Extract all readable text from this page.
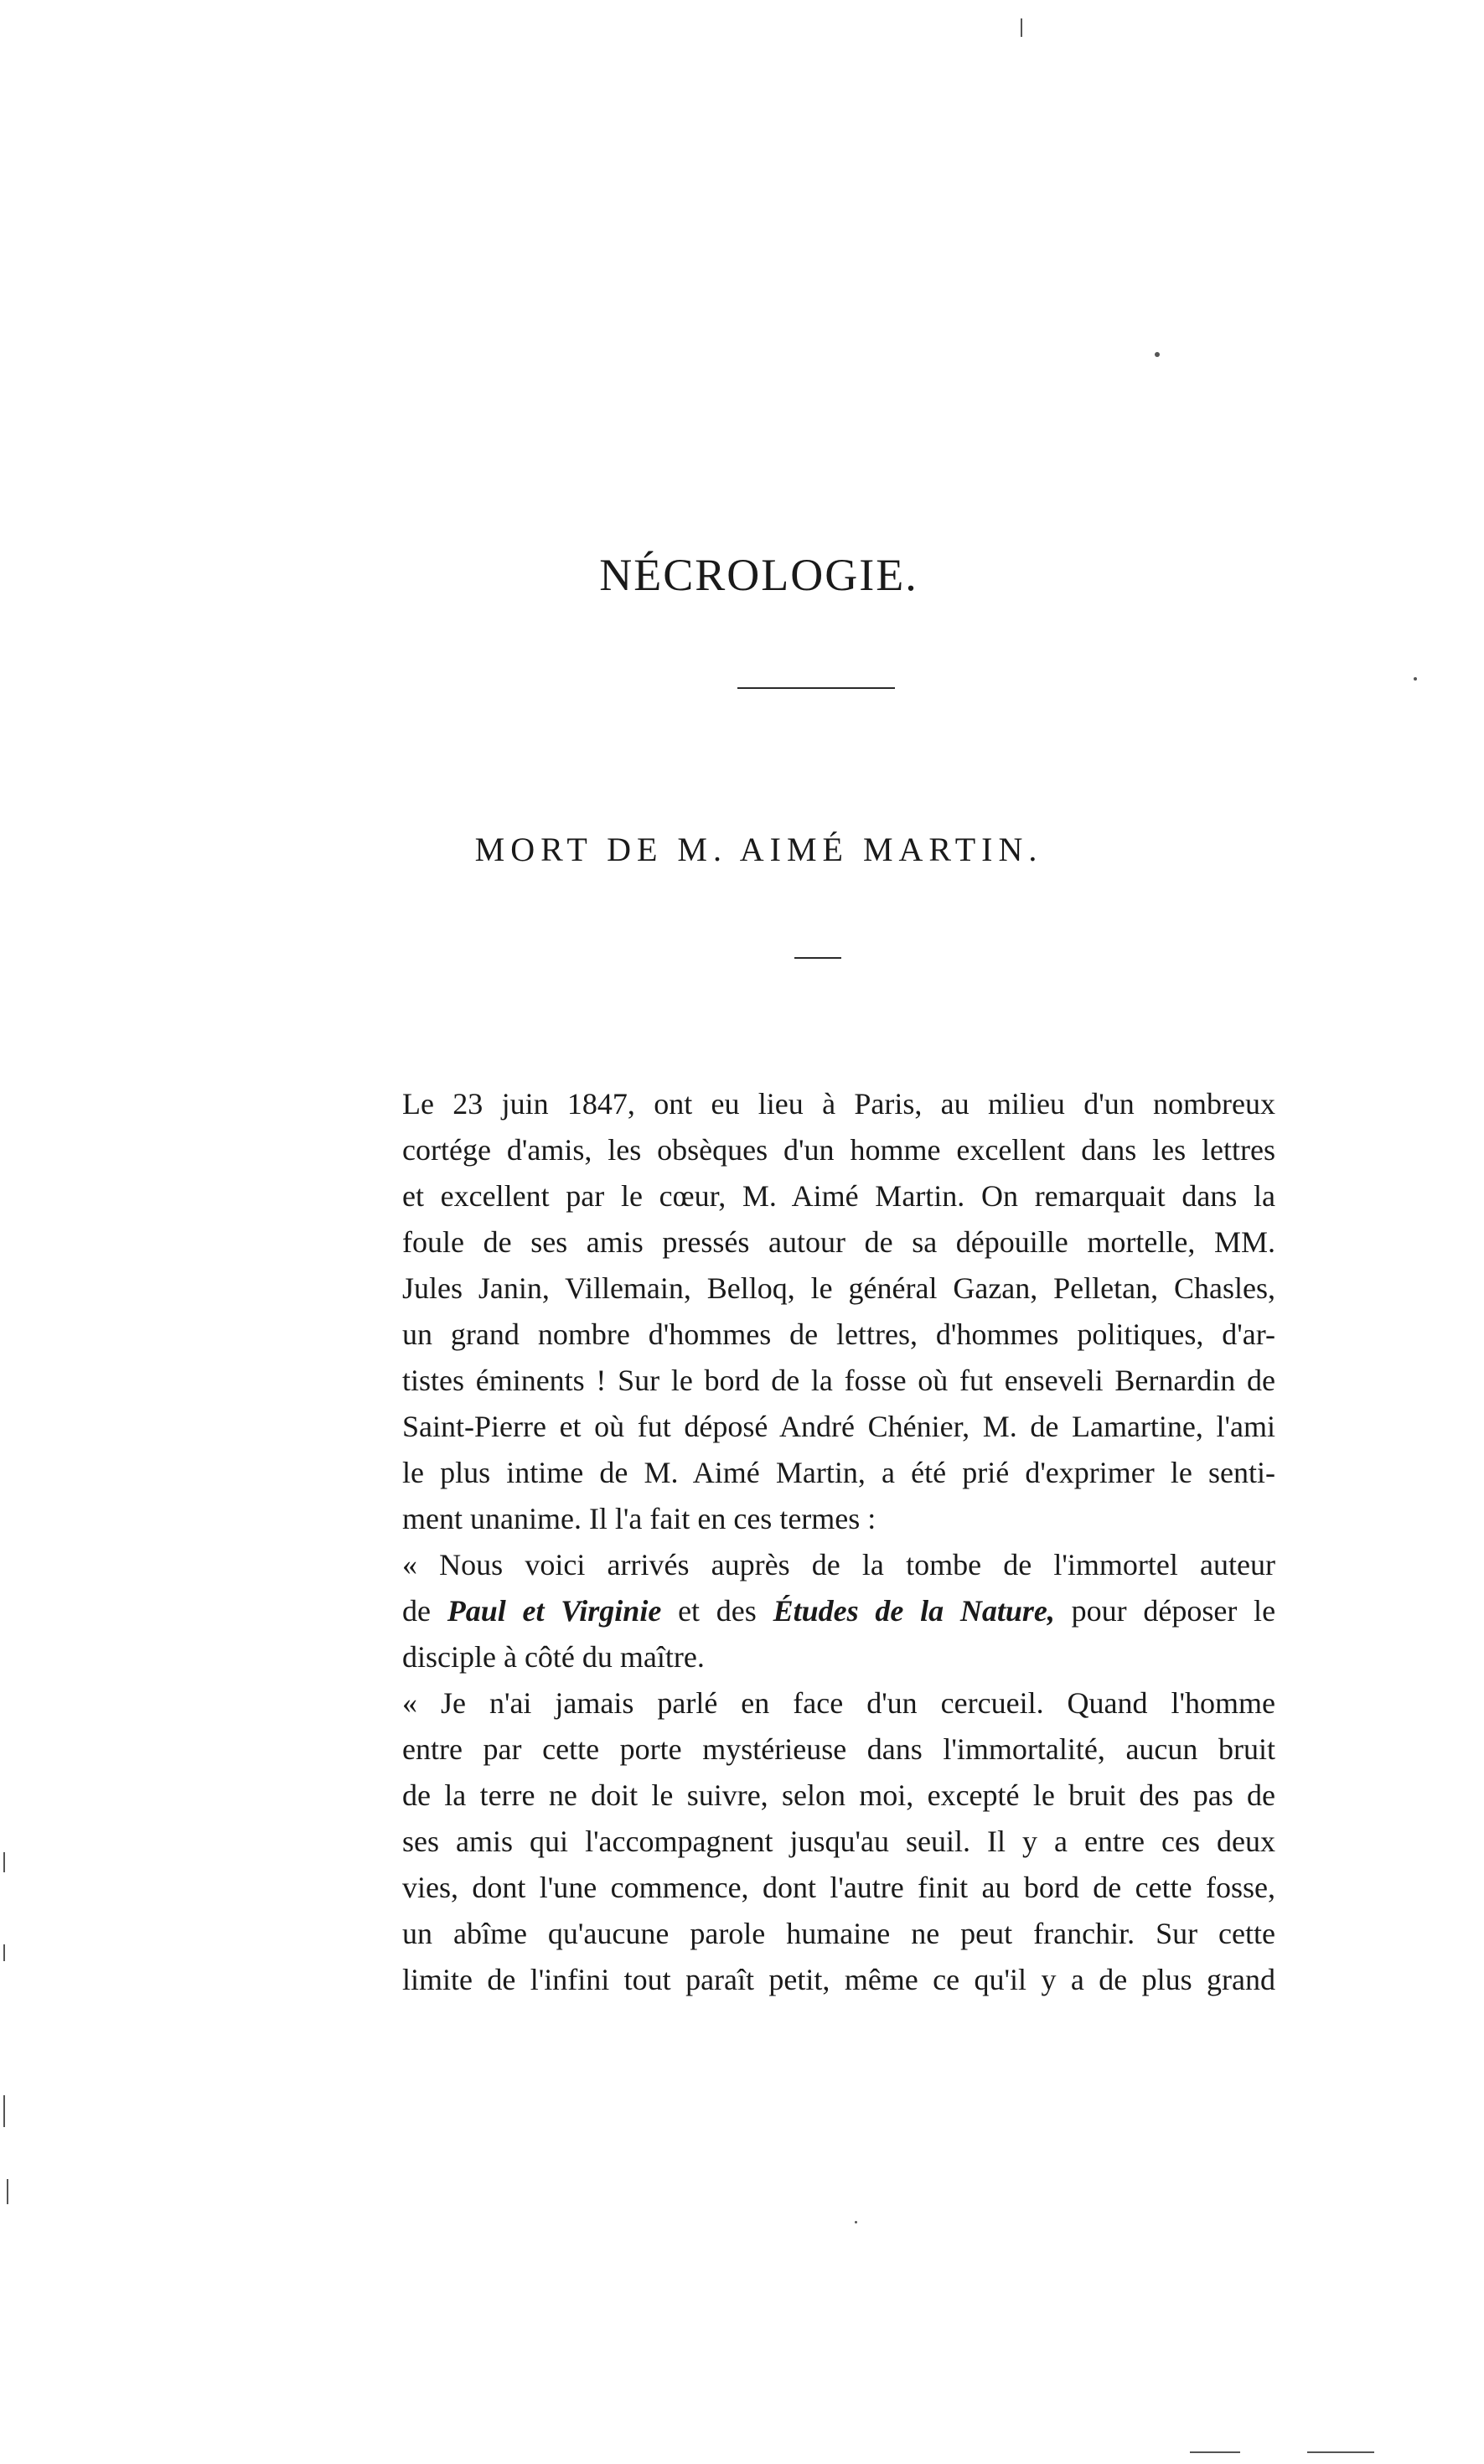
NÉCROLOGIE.
MORT DE M. AIMÉ MARTIN.
Le 23 juin 1847, ont eu lieu à Paris, au milieu d'un nombreux
cortége d'amis, les obsèques d'un homme excellent dans les lettres
et excellent par le cœur, M. Aimé Martin. On remarquait dans la
foule de ses amis pressés autour de sa dépouille mortelle, MM.
Jules Janin, Villemain, Belloq, le général Gazan, Pelletan, Chasles,
un grand nombre d'hommes de lettres, d'hommes politiques, d'ar-
tistes éminents ! Sur le bord de la fosse où fut enseveli Bernardin de
Saint-Pierre et où fut déposé André Chénier, M. de Lamartine, l'ami
le plus intime de M. Aimé Martin, a été prié d'exprimer le senti-
ment unanime. Il l'a fait en ces termes :
« Nous voici arrivés auprès de la tombe de l'immortel auteur
de Paul et Virginie et des Études de la Nature, pour déposer le
disciple à côté du maître.
« Je n'ai jamais parlé en face d'un cercueil. Quand l'homme
entre par cette porte mystérieuse dans l'immortalité, aucun bruit
de la terre ne doit le suivre, selon moi, excepté le bruit des pas de
ses amis qui l'accompagnent jusqu'au seuil. Il y a entre ces deux
vies, dont l'une commence, dont l'autre finit au bord de cette fosse,
un abîme qu'aucune parole humaine ne peut franchir. Sur cette
limite de l'infini tout paraît petit, même ce qu'il y a de plus grand
